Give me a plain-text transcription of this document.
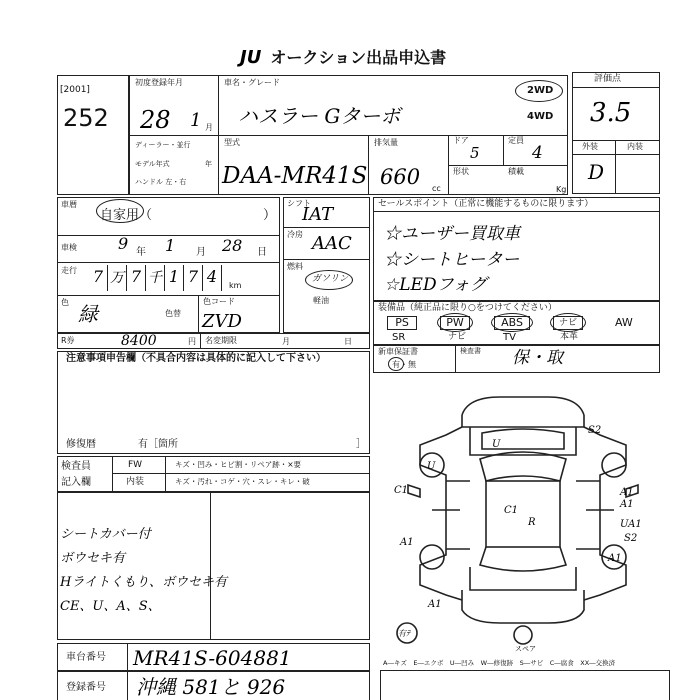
JU オークション出品申込書
[2001]
252
初度登録年月
28 1 月
車名・グレード
ハスラー Gターボ
2WD
4WD
ディーラー・並行
モデル年式	年
ハンドル 左・右
型式
DAA-MR41S
排気量
660 cc
ドア
5
定員
4
形状	積載
Kg
評価点
3.5
外装	内装
D
車暦
自家用（	）
車検	9 年 1 月 28 日
走行 7 万 7 千 1 7 4	km
色 緑	色替
色コード
ZVD
R券	8400	円 名変期限	月	日
シフト
IAT
冷房 AAC
燃料
ガソリン
軽油
セールスポイント（正常に機能するものに限ります）
☆ユーザー買取車
☆シートヒーター
☆LEDフォグ
装備品（純正品に限り○をつけてください）
PS	PW	ABS	ナビ	AW
SR	ナビ	TV	本革
新車保証書
有・無
検査書 保・取
注意事項申告欄（不具合内容は具体的に記入して下さい）
修復暦	有［箇所	］
検査員
記入欄
FW	キズ・凹み・ヒビ割・リペア跡・×要
内装	キズ・汚れ・コゲ・穴・スレ・キレ・破
シートカバー付
ボウセキ有
Hライトくもり、ボウセキ有
CE、U、A、S、
車台番号 MR41S-604881
登録番号 沖縄 581と 926
S2
U
C1
R
U
A1
A1
UA1
S2
A1
A1
A1
C1
有ﾃ
スペア
A―キズ　E―エクボ　U―凹み　W―修復跡　S―サビ　C―腐食　XX―交換済
